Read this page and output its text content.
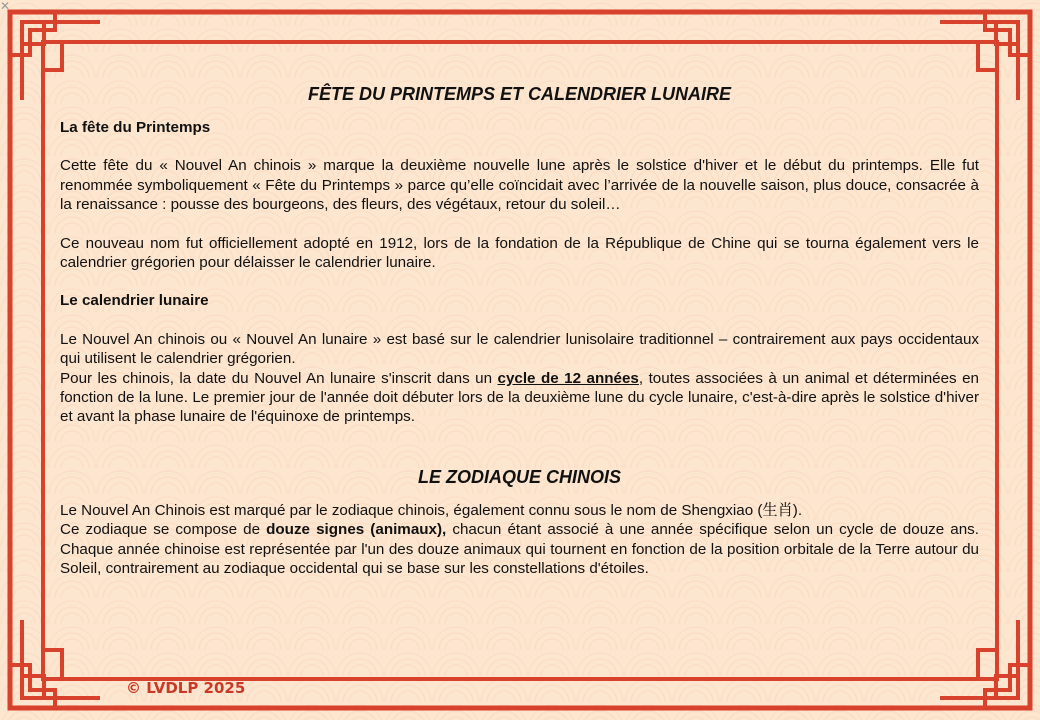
✕
FÊTE DU PRINTEMPS ET CALENDRIER LUNAIRE
La fête du Printemps

Cette fête du « Nouvel An chinois » marque la deuxième nouvelle lune après le solstice d'hiver et le début du printemps. Elle fut renommée symboliquement « Fête du Printemps » parce qu’elle coïncidait avec l’arrivée de la nouvelle saison, plus douce, consacrée à la renaissance : pousse des bourgeons, des fleurs, des végétaux, retour du soleil…

Ce nouveau nom fut officiellement adopté en 1912, lors de la fondation de la République de Chine qui se tourna également vers le calendrier grégorien pour délaisser le calendrier lunaire.

Le calendrier lunaire

Le Nouvel An chinois ou « Nouvel An lunaire » est basé sur le calendrier lunisolaire traditionnel – contrairement aux pays occidentaux qui utilisent le calendrier grégorien.

Pour les chinois, la date du Nouvel An lunaire s'inscrit dans un cycle de 12 années, toutes associées à un animal et déterminées en fonction de la lune. Le premier jour de l'année doit débuter lors de la deuxième lune du cycle lunaire, c'est-à-dire après le solstice d'hiver et avant la phase lunaire de l'équinoxe de printemps.

LE ZODIAQUE CHINOIS

Le Nouvel An Chinois est marqué par le zodiaque chinois, également connu sous le nom de Shengxiao (生肖).

Ce zodiaque se compose de douze signes (animaux), chacun étant associé à une année spécifique selon un cycle de douze ans. Chaque année chinoise est représentée par l'un des douze animaux qui tournent en fonction de la position orbitale de la Terre autour du Soleil, contrairement au zodiaque occidental qui se base sur les constellations d'étoiles.

© LVDLP 2025
